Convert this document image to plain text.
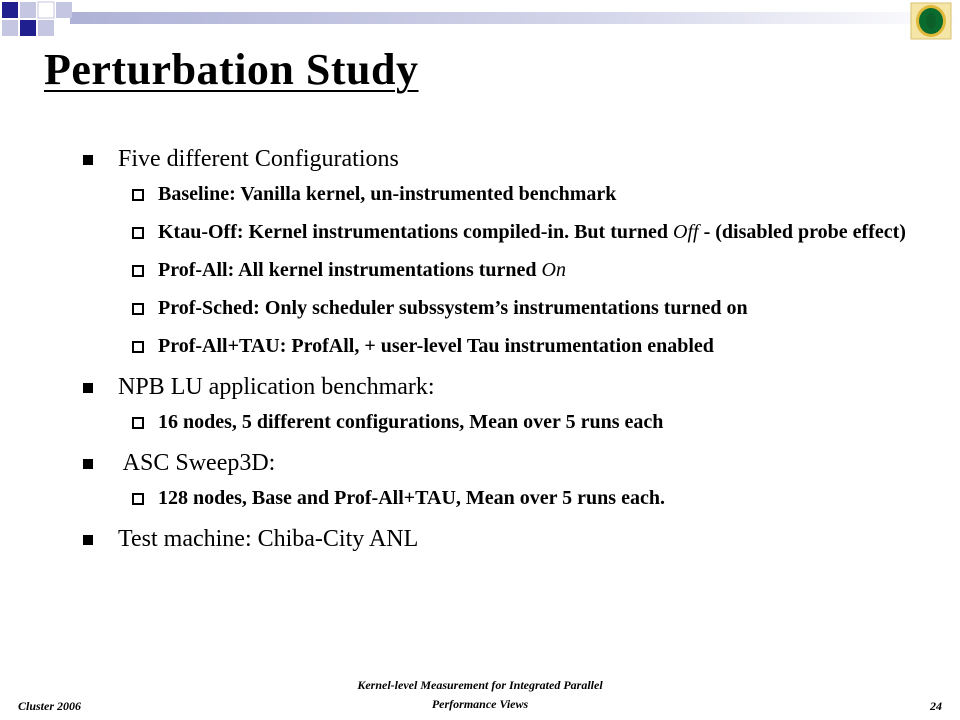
Perturbation Study
Five different Configurations
Baseline: Vanilla kernel, un-instrumented benchmark
Ktau-Off: Kernel instrumentations compiled-in. But turned Off - (disabled probe effect)
Prof-All: All kernel instrumentations turned On
Prof-Sched: Only scheduler subssystem’s instrumentations turned on
Prof-All+TAU: ProfAll, + user-level Tau instrumentation enabled
NPB LU application benchmark:
16 nodes, 5 different configurations, Mean over 5 runs each
ASC Sweep3D:
128 nodes, Base and Prof-All+TAU, Mean over 5 runs each.
Test machine: Chiba-City ANL
Cluster 2006
Kernel-level Measurement for Integrated Parallel
Performance Views	24
